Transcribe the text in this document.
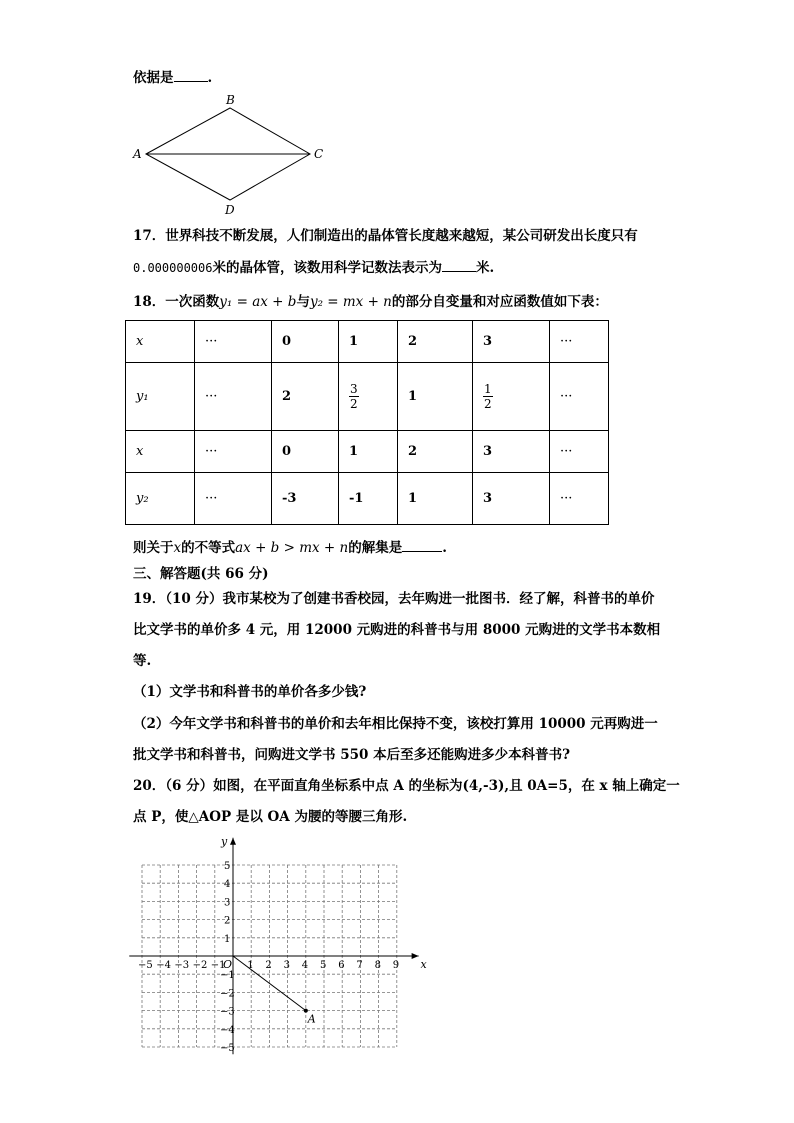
依据是	.
B
A	C
D
17．世界科技不断发展，人们制造出的晶体管长度越来越短，某公司研发出长度只有
0.000000006米的晶体管，该数用科学记数法表示为	米.
18．一次函数y₁ = ax + b与y₂ = mx + n的部分自变量和对应函数值如下表：
x	···	0	1	2	3	···
y₁	···	2	$\frac{3}{2}$	1	$\frac{1}{2}$	···
x	···	0	1	2	3	···
y₂	···	-3	-1	1	3	···
则关于x的不等式ax + b > mx + n的解集是	.
三、解答题(共 66 分)
19．（10 分）我市某校为了创建书香校园，去年购进一批图书．经了解，科普书的单价
比文学书的单价多 4 元，用 12000 元购进的科普书与用 8000 元购进的文学书本数相
等.
（1）文学书和科普书的单价各多少钱?
（2）今年文学书和科普书的单价和去年相比保持不变，该校打算用 10000 元再购进一
批文学书和科普书，问购进文学书 550 本后至多还能购进多少本科普书?
20．（6 分）如图，在平面直角坐标系中点 A 的坐标为(4,-3),且 0A=5，在 x 轴上确定一
点 P，使△AOP 是以 OA 为腰的等腰三角形.
−5 −4 −3 −2 −1 1 2 3 4 5 6 7 8 9
5
4
3
2
1
−1
−2
−3
−4
−5
x
y
O
A
